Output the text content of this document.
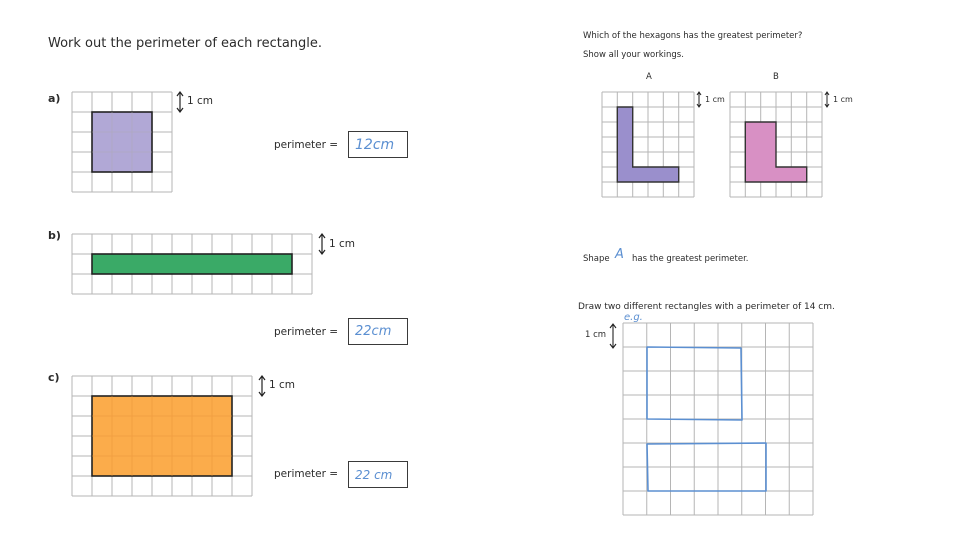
Work out the perimeter of each rectangle.
a)	1 cm
perimeter = 12cm
b)
1 cm
perimeter = 22cm
c)
1 cm
perimeter = 22 cm
Which of the hexagons has the greatest perimeter?
Show all your workings.
A	B
1 cm	1 cm
Shape A has the greatest perimeter.
Draw two different rectangles with a perimeter of 14 cm.
e.g.
1 cm
